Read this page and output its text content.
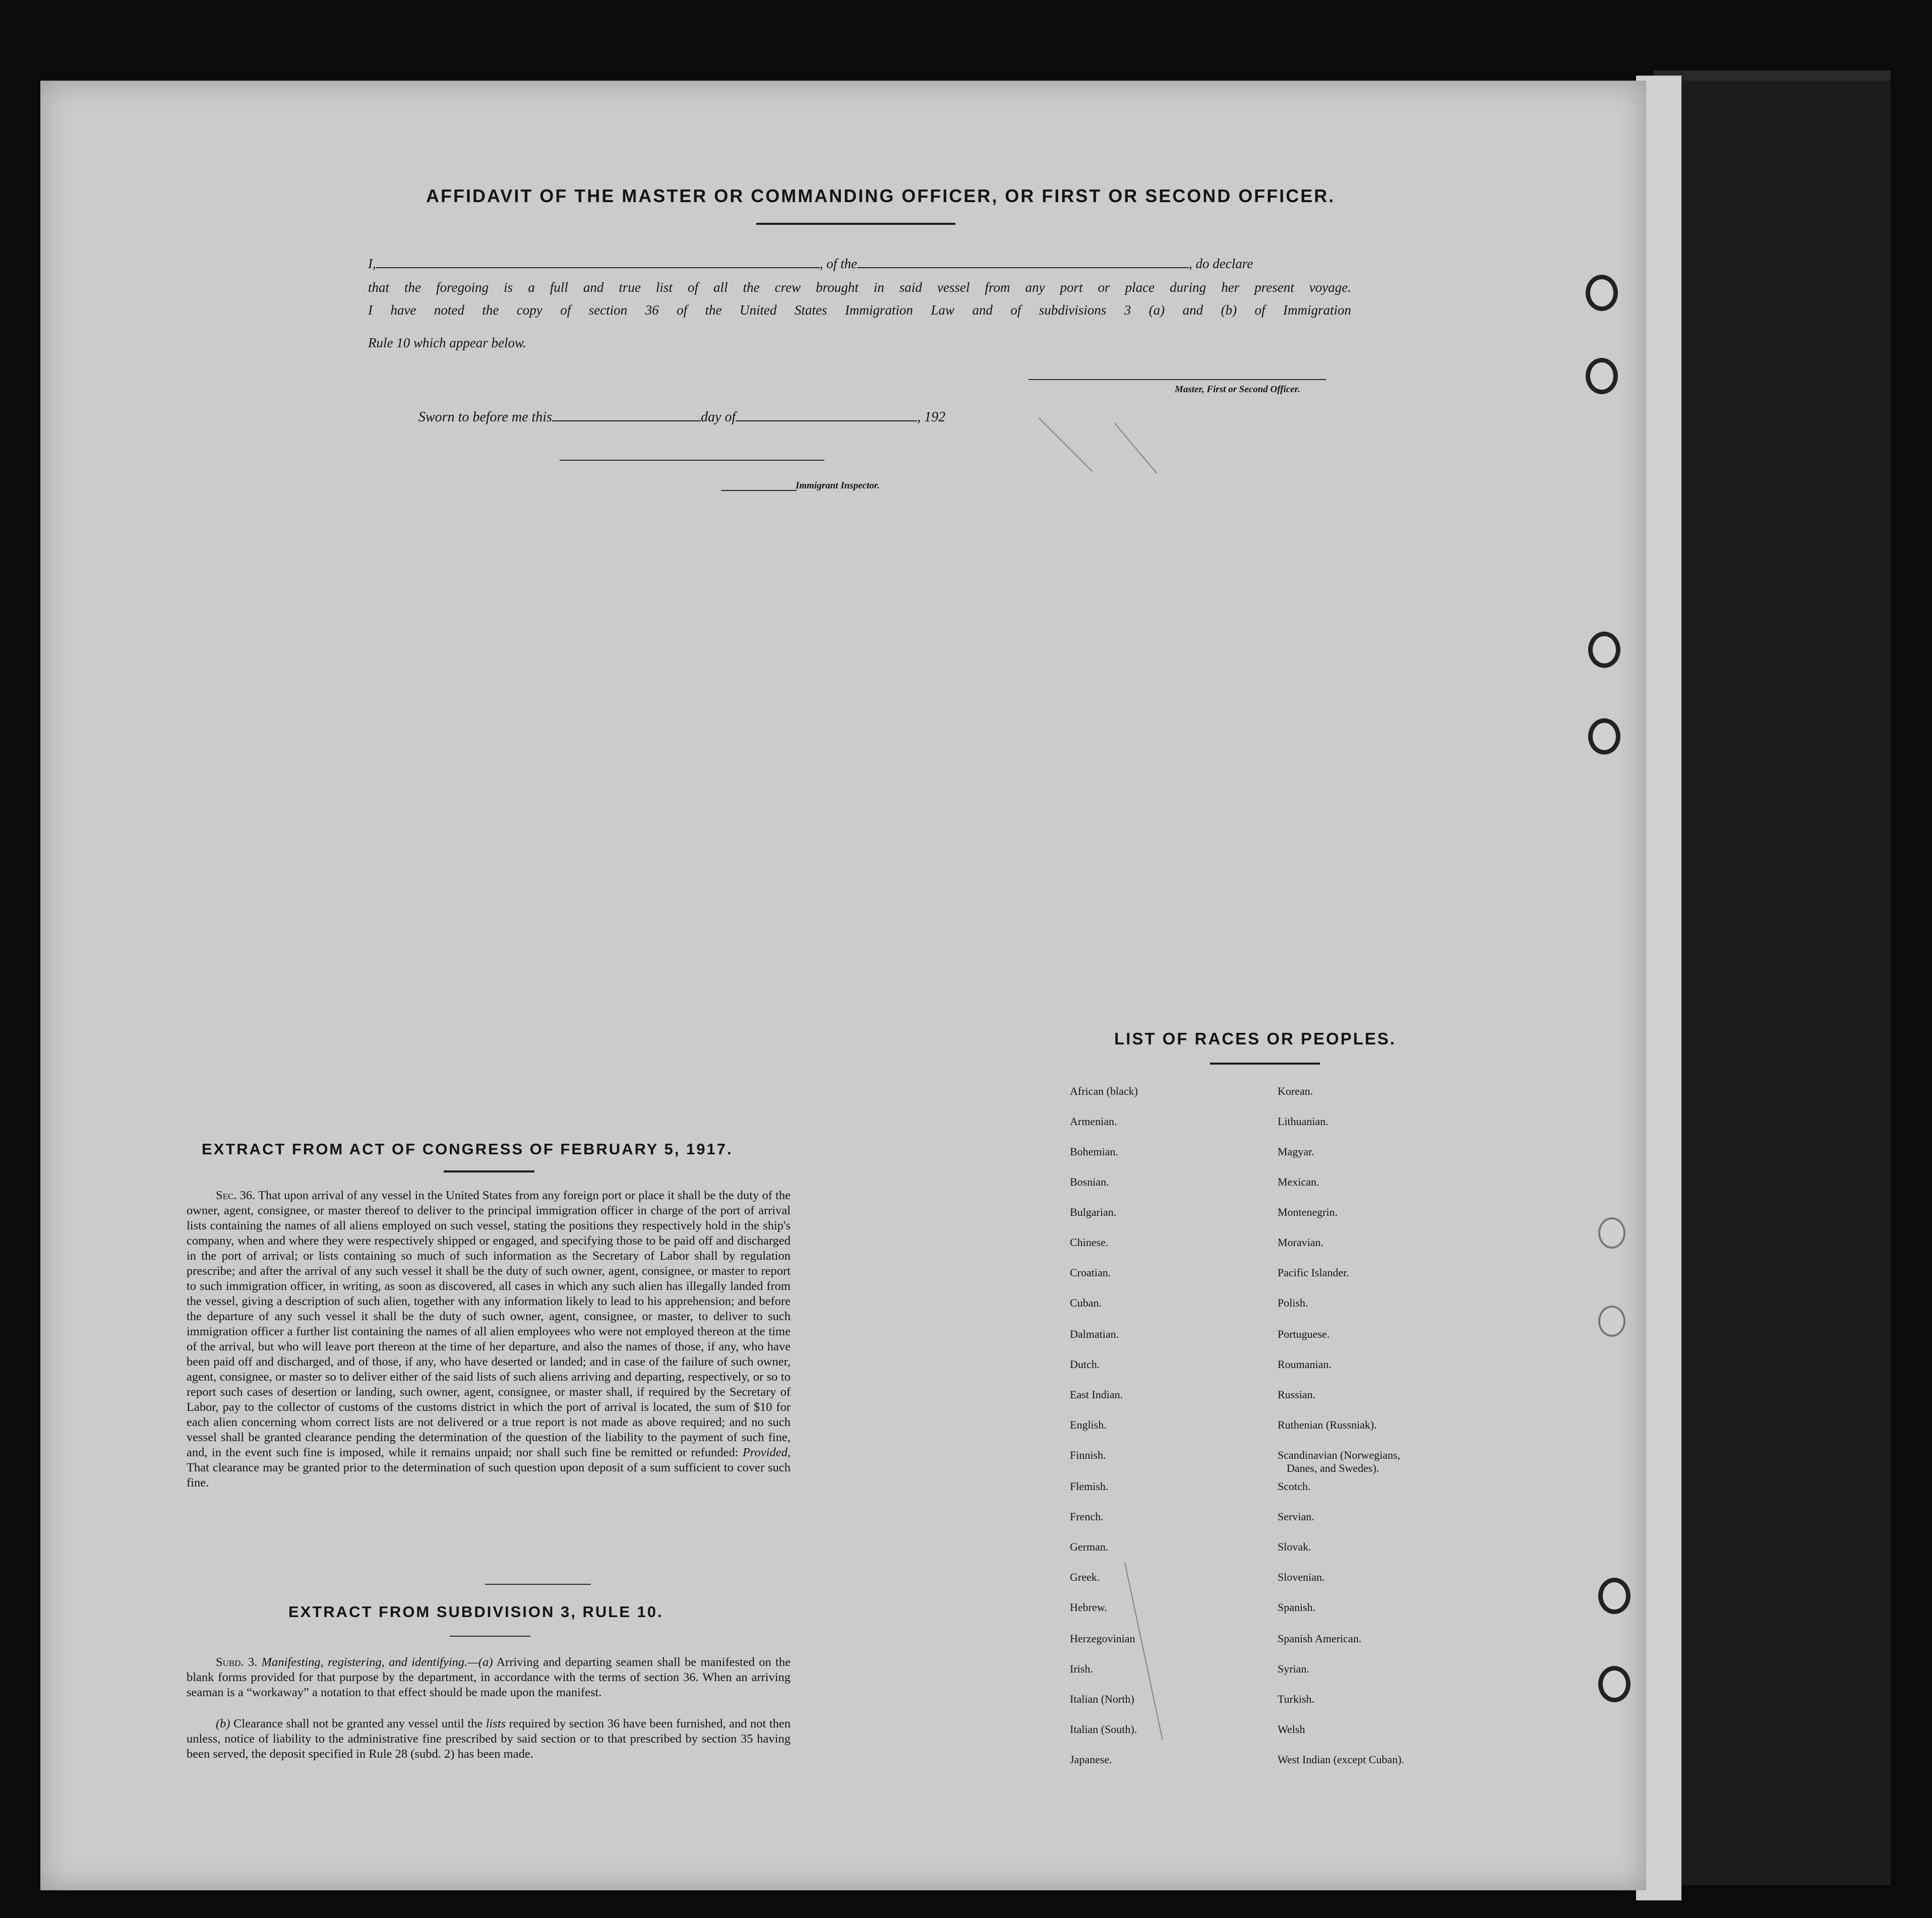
AFFIDAVIT OF THE MASTER OR COMMANDING OFFICER, OR FIRST OR SECOND OFFICER.
I,	, of the	, do declare
that the foregoing is a full and true list of all the crew brought in said vessel from any port or place during her present voyage.
I have noted the copy of section 36 of the United States Immigration Law and of subdivisions 3 (a) and (b) of Immigration
Rule 10 which appear below.
Master, First or Second Officer.
Sworn to before me this	day of	, 192
Immigrant Inspector.
EXTRACT FROM ACT OF CONGRESS OF FEBRUARY 5, 1917.
Sec. 36. That upon arrival of any vessel in the United States from any foreign port or place it shall be the duty of the owner, agent, consignee, or master thereof to deliver to the principal immigration officer in charge of the port of arrival lists containing the names of all aliens employed on such vessel, stating the positions they respectively hold in the ship's company, when and where they were respectively shipped or engaged, and specifying those to be paid off and discharged in the port of arrival; or lists containing so much of such information as the Secretary of Labor shall by regulation prescribe; and after the arrival of any such vessel it shall be the duty of such owner, agent, consignee, or master to report to such immigration officer, in writing, as soon as discovered, all cases in which any such alien has illegally landed from the vessel, giving a description of such alien, together with any information likely to lead to his apprehension; and before the departure of any such vessel it shall be the duty of such owner, agent, consignee, or master, to deliver to such immigration officer a further list containing the names of all alien employees who were not employed thereon at the time of the arrival, but who will leave port thereon at the time of her departure, and also the names of those, if any, who have been paid off and discharged, and of those, if any, who have deserted or landed; and in case of the failure of such owner, agent, consignee, or master so to deliver either of the said lists of such aliens arriving and departing, respectively, or so to report such cases of desertion or landing, such owner, agent, consignee, or master shall, if required by the Secretary of Labor, pay to the collector of customs of the customs district in which the port of arrival is located, the sum of $10 for each alien concerning whom correct lists are not delivered or a true report is not made as above required; and no such vessel shall be granted clearance pending the determination of the question of the liability to the payment of such fine, and, in the event such fine is imposed, while it remains unpaid; nor shall such fine be remitted or refunded: Provided, That clearance may be granted prior to the determination of such question upon deposit of a sum sufficient to cover such fine.
EXTRACT FROM SUBDIVISION 3, RULE 10.
Subd. 3. Manifesting, registering, and identifying.—(a) Arriving and departing seamen shall be manifested on the blank forms provided for that purpose by the department, in accordance with the terms of section 36. When an arriving seaman is a “workaway” a notation to that effect should be made upon the manifest.
(b) Clearance shall not be granted any vessel until the lists required by section 36 have been furnished, and not then unless, notice of liability to the administrative fine prescribed by said section or to that prescribed by section 35 having been served, the deposit specified in Rule 28 (subd. 2) has been made.
LIST OF RACES OR PEOPLES.
African (black)
Armenian.
Bohemian.
Bosnian.
Bulgarian.
Chinese.
Croatian.
Cuban.
Dalmatian.
Dutch.
East Indian.
English.
Finnish.
Flemish.
French.
German.
Greek.
Hebrew.
Herzegovinian
Irish.
Italian (North)
Italian (South).
Japanese.
Korean.
Lithuanian.
Magyar.
Mexican.
Montenegrin.
Moravian.
Pacific Islander.
Polish.
Portuguese.
Roumanian.
Russian.
Ruthenian (Russniak).
Scandinavian (Norwegians,
Danes, and Swedes).
Scotch.
Servian.
Slovak.
Slovenian.
Spanish.
Spanish American.
Syrian.
Turkish.
Welsh
West Indian (except Cuban).
